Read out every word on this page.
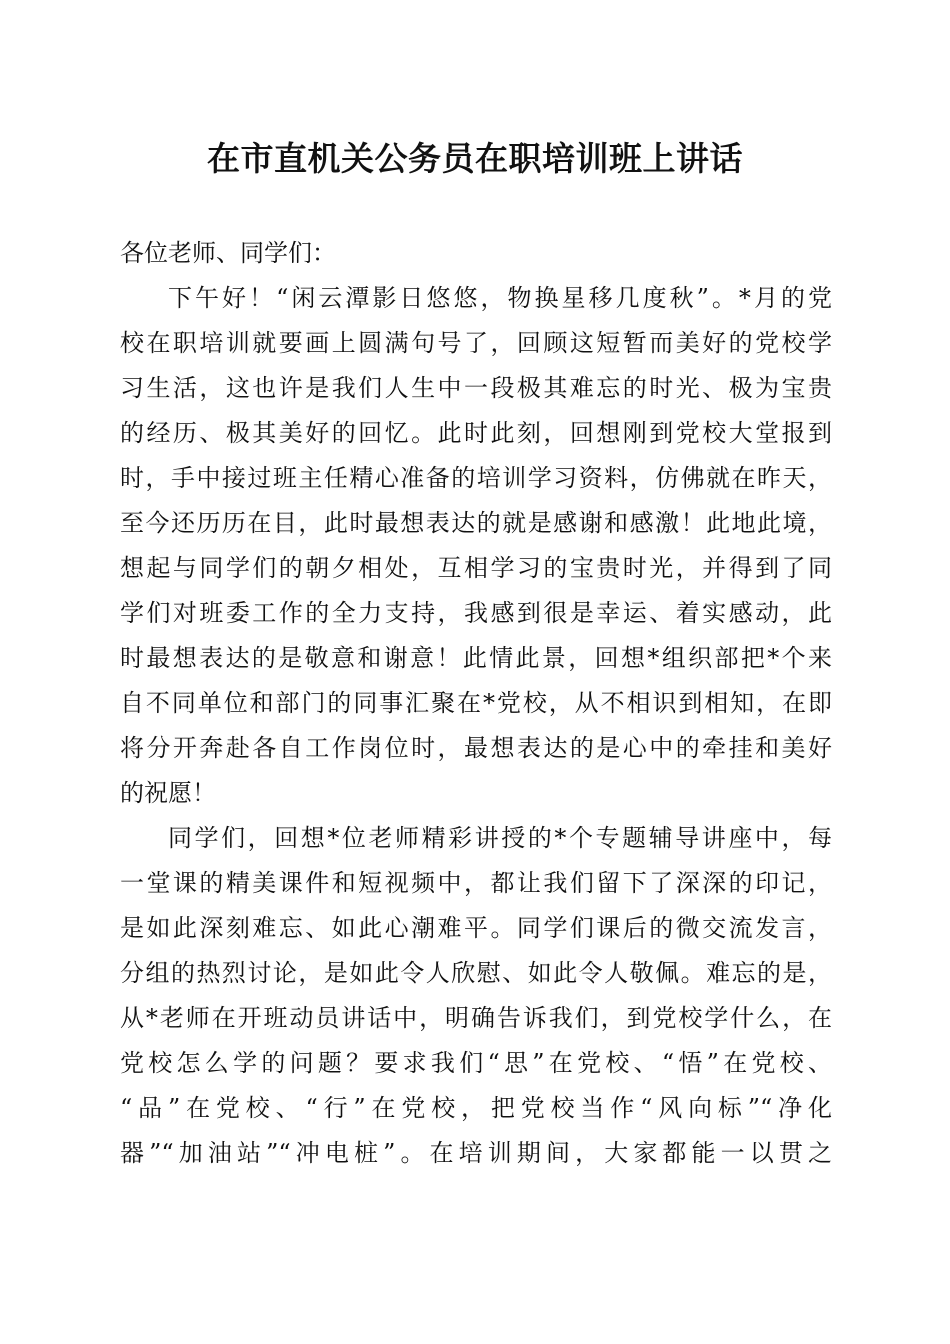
在市直机关公务员在职培训班上讲话
各位老师、同学们：
下午好！“闲云潭影日悠悠，物换星移几度秋”。*月的党
校在职培训就要画上圆满句号了，回顾这短暂而美好的党校学
习生活，这也许是我们人生中一段极其难忘的时光、极为宝贵
的经历、极其美好的回忆。此时此刻，回想刚到党校大堂报到
时，手中接过班主任精心准备的培训学习资料，仿佛就在昨天，
至今还历历在目，此时最想表达的就是感谢和感激！此地此境，
想起与同学们的朝夕相处，互相学习的宝贵时光，并得到了同
学们对班委工作的全力支持，我感到很是幸运、着实感动，此
时最想表达的是敬意和谢意！此情此景，回想*组织部把*个来
自不同单位和部门的同事汇聚在*党校，从不相识到相知，在即
将分开奔赴各自工作岗位时，最想表达的是心中的牵挂和美好
的祝愿！
同学们，回想*位老师精彩讲授的*个专题辅导讲座中，每
一堂课的精美课件和短视频中，都让我们留下了深深的印记，
是如此深刻难忘、如此心潮难平。同学们课后的微交流发言，
分组的热烈讨论，是如此令人欣慰、如此令人敬佩。难忘的是，
从*老师在开班动员讲话中，明确告诉我们，到党校学什么，在
党校怎么学的问题？要求我们“思”在党校、“悟”在党校、
“品”在党校、“行”在党校，把党校当作“风向标”“净化
器”“加油站”“冲电桩”。在培训期间，大家都能一以贯之
